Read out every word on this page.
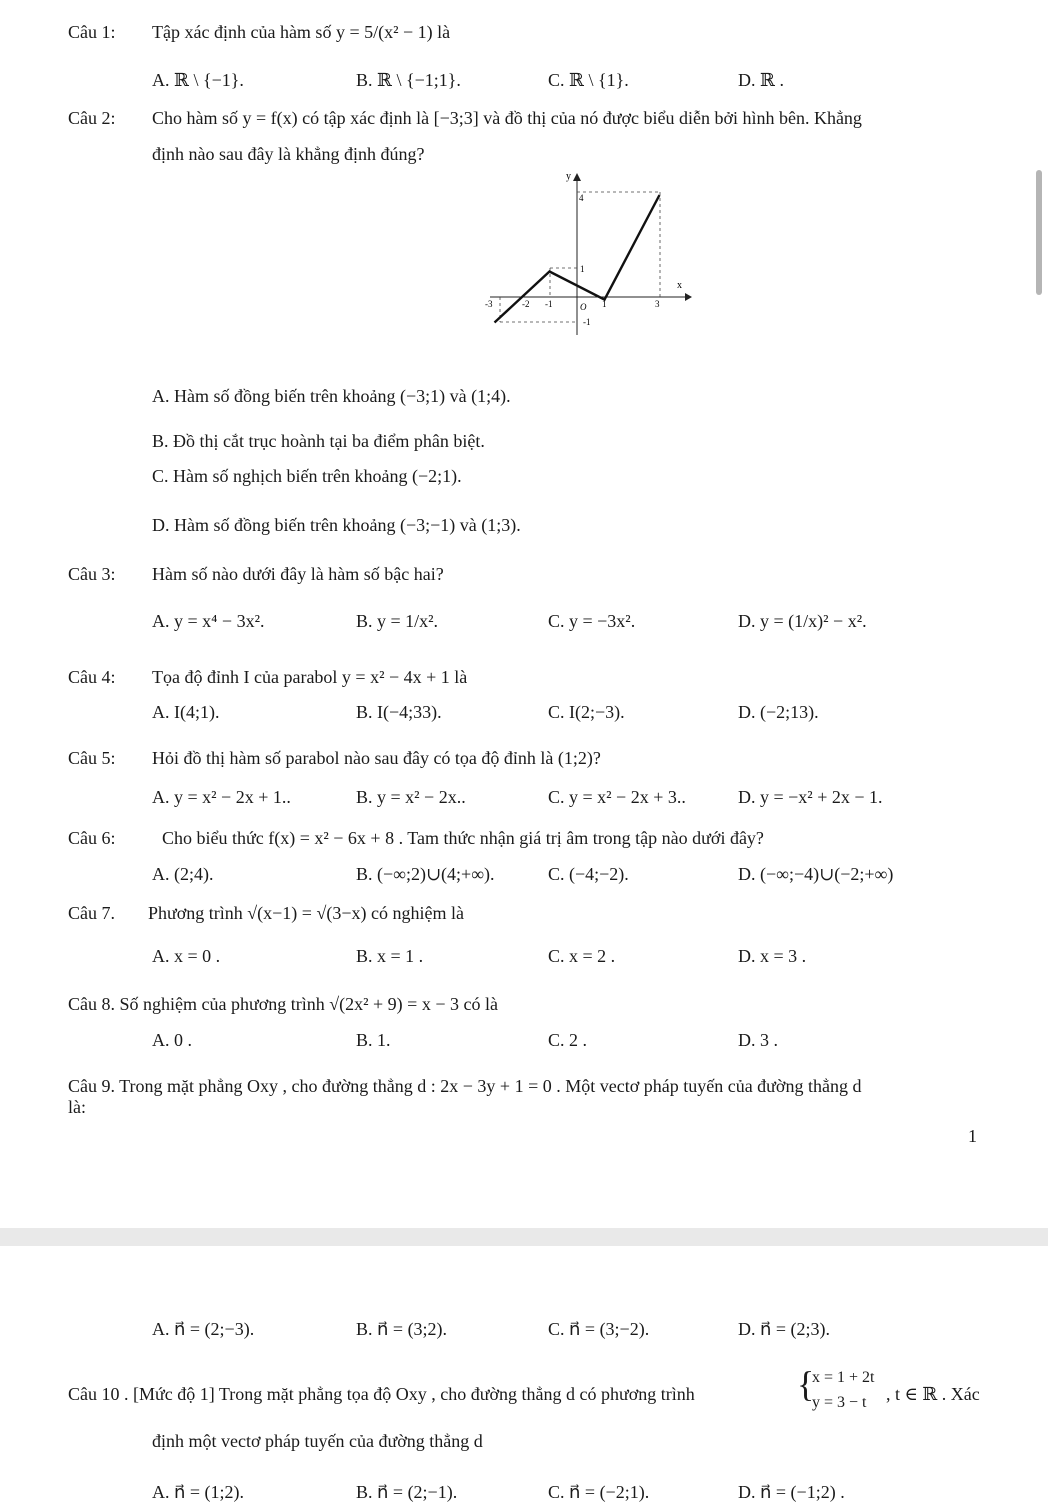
Câu 1: Tập xác định của hàm số y = 5/(x² − 1) là
A. ℝ \ {−1}.	B. ℝ \ {−1;1}.	C. ℝ \ {1}.	D. ℝ .
Câu 2: Cho hàm số y = f(x) có tập xác định là [−3;3] và đồ thị của nó được biểu diễn bởi hình bên. Khẳng
định nào sau đây là khẳng định đúng?
y
x
O
-3	-2 -1	1	3
4
1
-1
A. Hàm số đồng biến trên khoảng (−3;1) và (1;4).
B. Đồ thị cắt trục hoành tại ba điểm phân biệt.
C. Hàm số nghịch biến trên khoảng (−2;1).
D. Hàm số đồng biến trên khoảng (−3;−1) và (1;3).
Câu 3: Hàm số nào dưới đây là hàm số bậc hai?
A. y = x⁴ − 3x².	B. y = 1/x².	C. y = −3x².	D. y = (1/x)² − x².
Câu 4: Tọa độ đỉnh I của parabol y = x² − 4x + 1 là
A. I(4;1).	B. I(−4;33).	C. I(2;−3).	D. (−2;13).
Câu 5: Hỏi đồ thị hàm số parabol nào sau đây có tọa độ đỉnh là (1;2)?
A. y = x² − 2x + 1..	B. y = x² − 2x..	C. y = x² − 2x + 3..	D. y = −x² + 2x − 1.
Câu 6:	Cho biểu thức f(x) = x² − 6x + 8 . Tam thức nhận giá trị âm trong tập nào dưới đây?
A. (2;4).	B. (−∞;2)∪(4;+∞).	C. (−4;−2).	D. (−∞;−4)∪(−2;+∞)
Câu 7. Phương trình √(x−1) = √(3−x) có nghiệm là
A. x = 0 .	B. x = 1 .	C. x = 2 .	D. x = 3 .
Câu 8. Số nghiệm của phương trình √(2x² + 9) = x − 3 có là
A. 0 .	B. 1.	C. 2 .	D. 3 .
Câu 9. Trong mặt phẳng Oxy , cho đường thẳng d : 2x − 3y + 1 = 0 . Một vectơ pháp tuyến của đường thẳng d
là:
1
A. n⃗ = (2;−3).	B. n⃗ = (3;2).	C. n⃗ = (3;−2).	D. n⃗ = (2;3).
Câu 10 . [Mức độ 1] Trong mặt phẳng tọa độ Oxy , cho đường thẳng d có phương trình	{
x = 1 + 2t
y = 3 − t , t ∈ ℝ . Xác
định một vectơ pháp tuyến của đường thẳng d
A. n⃗ = (1;2).	B. n⃗ = (2;−1).	C. n⃗ = (−2;1).	D. n⃗ = (−1;2) .
